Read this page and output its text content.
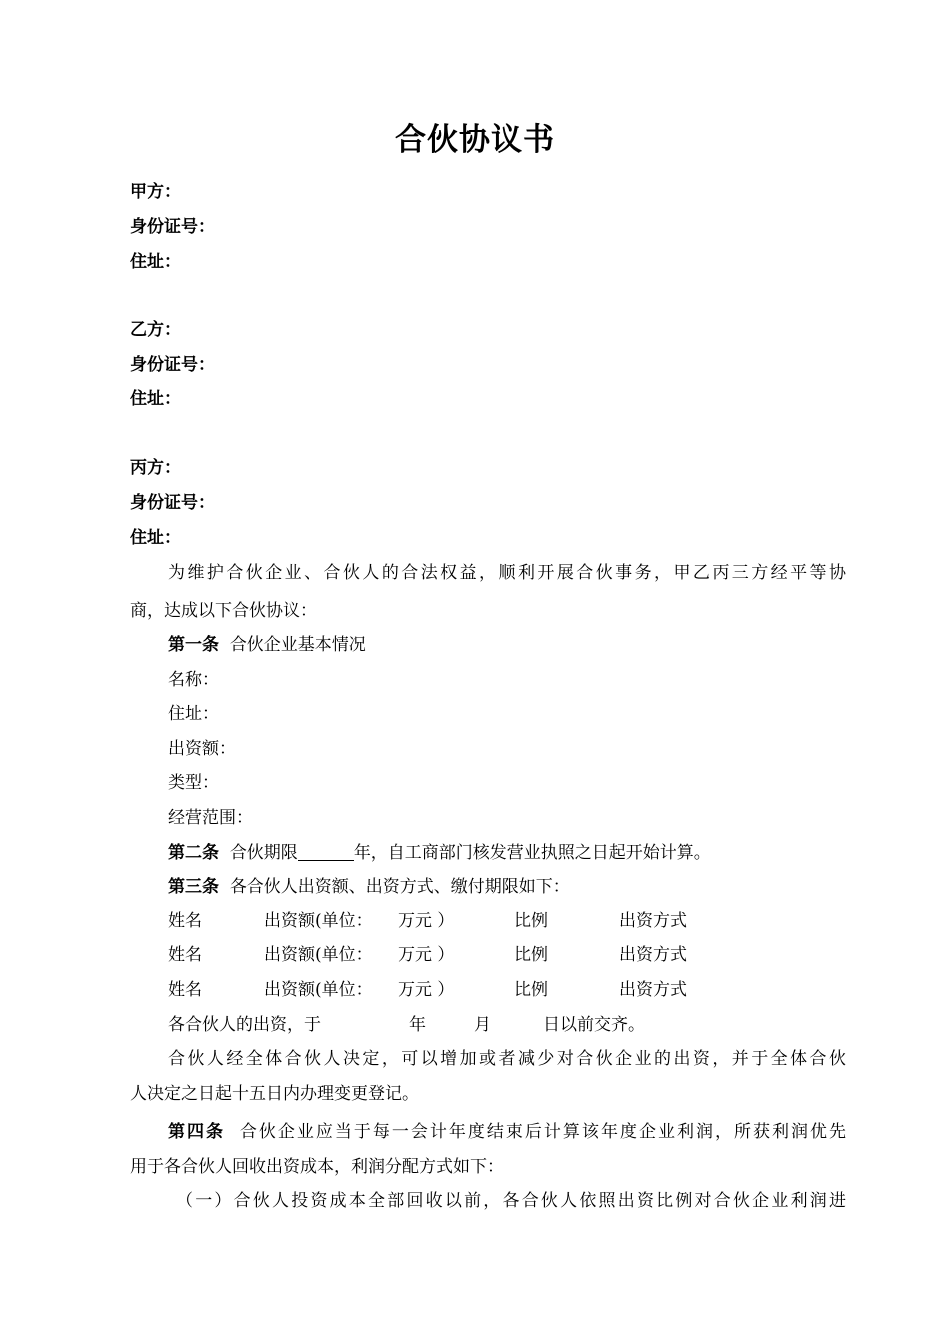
合伙协议书
甲方：
身份证号：
住址：
乙方：
身份证号：
住址：
丙方：
身份证号：
住址：
为维护合伙企业、合伙人的合法权益，顺利开展合伙事务，甲乙丙三方经平等协
商，达成以下合伙协议：
第一条 合伙企业基本情况
名称：
住址：
出资额：
类型：
经营范围：
第二条 合伙期限	年，自工商部门核发营业执照之日起开始计算。
第三条 各合伙人出资额、出资方式、缴付期限如下：
姓名	出资额(单位： 万元 ）	比例	出资方式
姓名	出资额(单位： 万元 ）	比例	出资方式
姓名	出资额(单位： 万元 ）	比例	出资方式
各合伙人的出资，于	年	月	日以前交齐。
合伙人经全体合伙人决定，可以增加或者减少对合伙企业的出资，并于全体合伙
人决定之日起十五日内办理变更登记。
第四条 合伙企业应当于每一会计年度结束后计算该年度企业利润，所获利润优先
用于各合伙人回收出资成本，利润分配方式如下：
（一）合伙人投资成本全部回收以前，各合伙人依照出资比例对合伙企业利润进
